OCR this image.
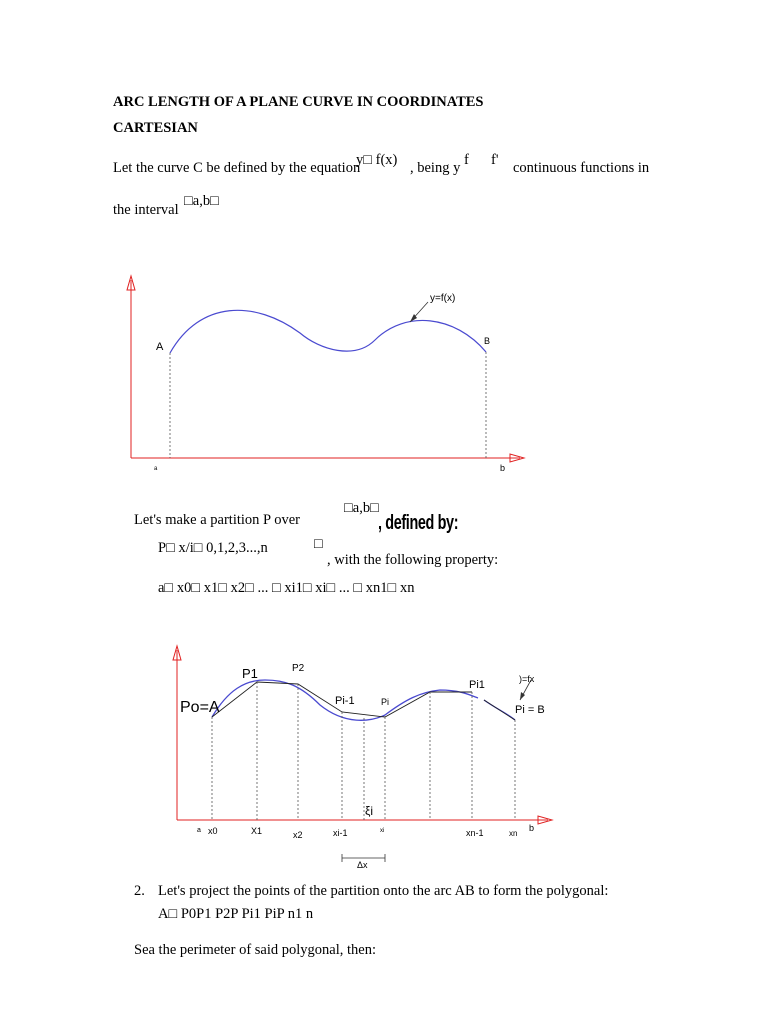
ARC LENGTH OF A PLANE CURVE IN COORDINATES
CARTESIAN
Let the curve C be defined by the equation
y□ f(x) , being y f f' continuous functions in
the interval
□a,b□
y=f(x)
A	B
a	b
Let's make a partition P over
□a,b□
, defined by:
P□ x/i□ 0,1,2,3...,n	□
, with the following property:
a□ x0□ x1□ x2□ ... □ xi1□ xi□ ... □ xn1□ xn
Po=A
P1	P2
Pi-1	Pi
Pi1	)=fx
Pi = B
ξi
a x0	X1	x2	xi-1	xi	xn-1	xn
b
Δx
2. Let's project the points of the partition onto the arc AB to form the polygonal:
A□ P0P1 P2P Pi1 PiP n1 n
Sea the perimeter of said polygonal, then:
